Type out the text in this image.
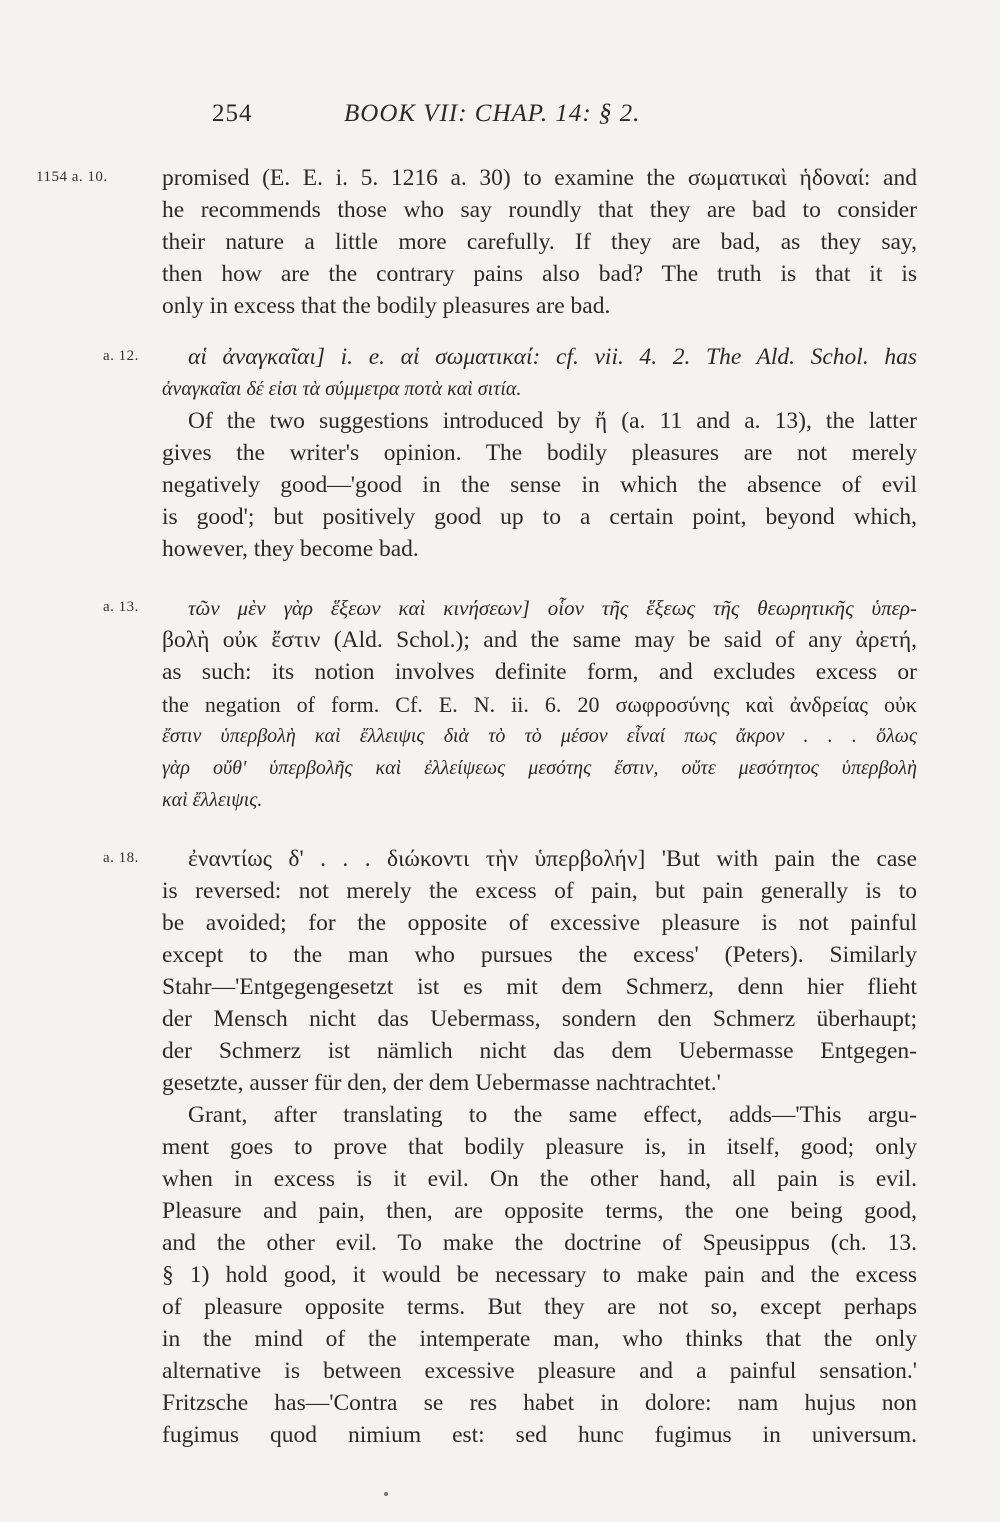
254	BOOK VII: CHAP. 14: § 2.
1154 a. 10. promised (E. E. i. 5. 1216 a. 30) to examine the σωματικαὶ ἡδοναί: and
he recommends those who say roundly that they are bad to consider
their nature a little more carefully. If they are bad, as they say,
then how are the contrary pains also bad? The truth is that it is
only in excess that the bodily pleasures are bad.
a. 12. αἱ ἀναγκαῖαι] i. e. αἱ σωματικαί: cf. vii. 4. 2. The Ald. Schol. has
ἀναγκαῖαι δέ εἰσι τὰ σύμμετρα ποτὰ καὶ σιτία.
Of the two suggestions introduced by ἤ (a. 11 and a. 13), the latter
gives the writer's opinion. The bodily pleasures are not merely
negatively good—'good in the sense in which the absence of evil
is good'; but positively good up to a certain point, beyond which,
however, they become bad.
a. 13. τῶν μὲν γὰρ ἕξεων καὶ κινήσεων] οἷον τῆς ἕξεως τῆς θεωρητικῆς ὑπερ-
βολὴ οὐκ ἔστιν (Ald. Schol.); and the same may be said of any ἀρετή,
as such: its notion involves definite form, and excludes excess or
the negation of form. Cf. E. N. ii. 6. 20 σωφροσύνης καὶ ἀνδρείας οὐκ
ἔστιν ὑπερβολὴ καὶ ἔλλειψις διὰ τὸ τὸ μέσον εἶναί πως ἄκρον . . . ὅλως
γὰρ οὔθ' ὑπερβολῆς καὶ ἐλλείψεως μεσότης ἔστιν, οὔτε μεσότητος ὑπερβολὴ
καὶ ἔλλειψις.
a. 18. ἐναντίως δ' . . . διώκοντι τὴν ὑπερβολήν] 'But with pain the case
is reversed: not merely the excess of pain, but pain generally is to
be avoided; for the opposite of excessive pleasure is not painful
except to the man who pursues the excess' (Peters). Similarly
Stahr—'Entgegengesetzt ist es mit dem Schmerz, denn hier flieht
der Mensch nicht das Uebermass, sondern den Schmerz überhaupt;
der Schmerz ist nämlich nicht das dem Uebermasse Entgegen-
gesetzte, ausser für den, der dem Uebermasse nachtrachtet.'
Grant, after translating to the same effect, adds—'This argu-
ment goes to prove that bodily pleasure is, in itself, good; only
when in excess is it evil. On the other hand, all pain is evil.
Pleasure and pain, then, are opposite terms, the one being good,
and the other evil. To make the doctrine of Speusippus (ch. 13.
§ 1) hold good, it would be necessary to make pain and the excess
of pleasure opposite terms. But they are not so, except perhaps
in the mind of the intemperate man, who thinks that the only
alternative is between excessive pleasure and a painful sensation.'
Fritzsche has—'Contra se res habet in dolore: nam hujus non
fugimus quod nimium est: sed hunc fugimus in universum.
